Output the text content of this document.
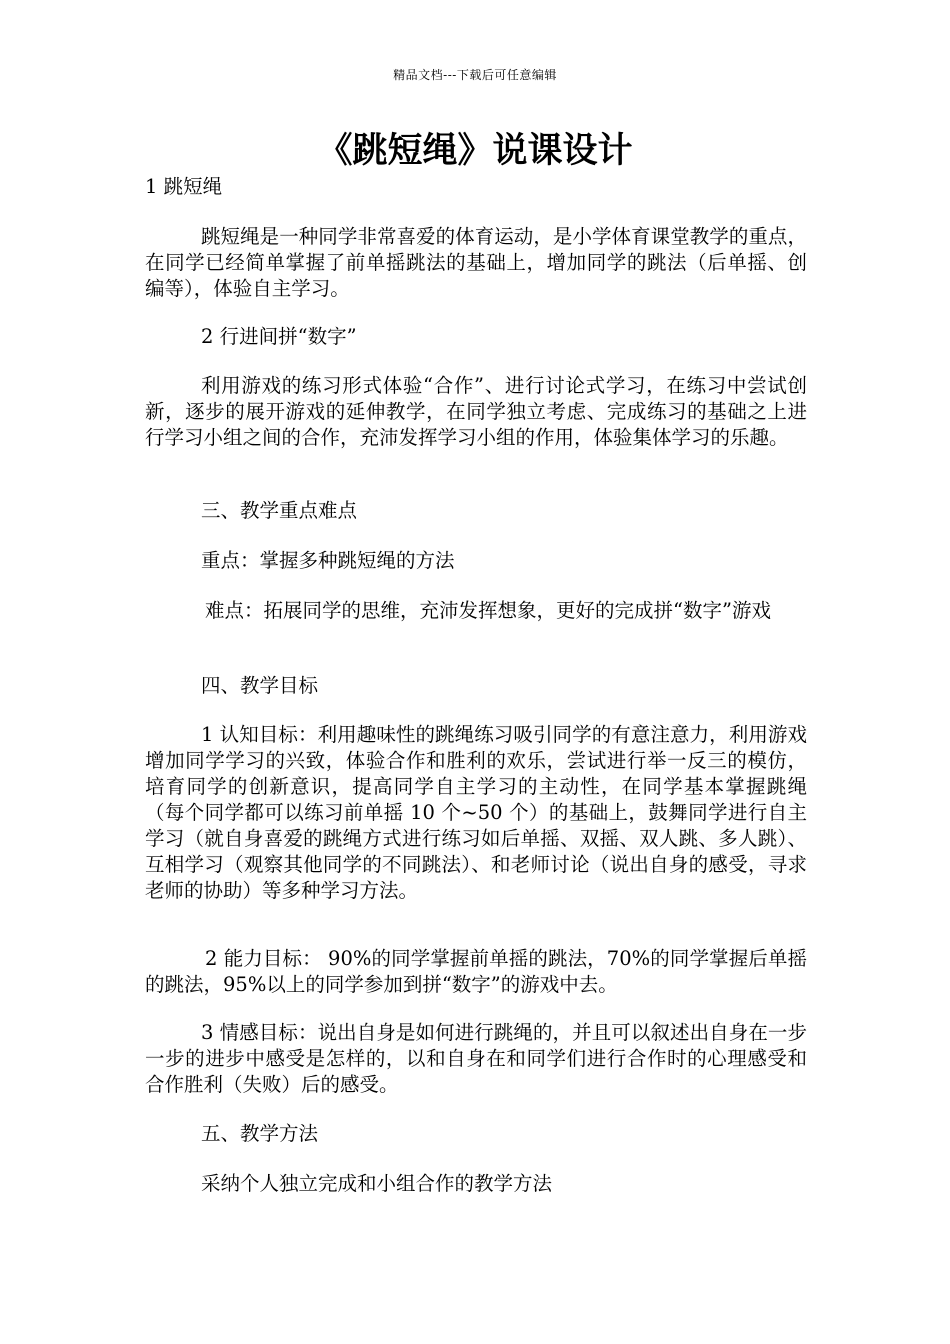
精品文档---下载后可任意编辑
《跳短绳》说课设计

1 跳短绳

跳短绳是一种同学非常喜爱的体育运动，是小学体育课堂教学的重点，在同学已经简单掌握了前单摇跳法的基础上，增加同学的跳法（后单摇、创编等），体验自主学习。

2 行进间拼“数字”

利用游戏的练习形式体验“合作”、进行讨论式学习，在练习中尝试创新，逐步的展开游戏的延伸教学，在同学独立考虑、完成练习的基础之上进行学习小组之间的合作，充沛发挥学习小组的作用，体验集体学习的乐趣。

三、教学重点难点

重点：掌握多种跳短绳的方法

难点：拓展同学的思维，充沛发挥想象，更好的完成拼“数字”游戏

四、教学目标

1 认知目标：利用趣味性的跳绳练习吸引同学的有意注意力，利用游戏增加同学学习的兴致，体验合作和胜利的欢乐，尝试进行举一反三的模仿，培育同学的创新意识，提高同学自主学习的主动性，在同学基本掌握跳绳（每个同学都可以练习前单摇 10 个~50 个）的基础上，鼓舞同学进行自主学习（就自身喜爱的跳绳方式进行练习如后单摇、双摇、双人跳、多人跳）、互相学习（观察其他同学的不同跳法）、和老师讨论（说出自身的感受，寻求老师的协助）等多种学习方法。

2 能力目标： 90%的同学掌握前单摇的跳法，70%的同学掌握后单摇的跳法，95%以上的同学参加到拼“数字”的游戏中去。

3 情感目标：说出自身是如何进行跳绳的，并且可以叙述出自身在一步一步的进步中感受是怎样的，以和自身在和同学们进行合作时的心理感受和合作胜利（失败）后的感受。

五、教学方法

采纳个人独立完成和小组合作的教学方法
